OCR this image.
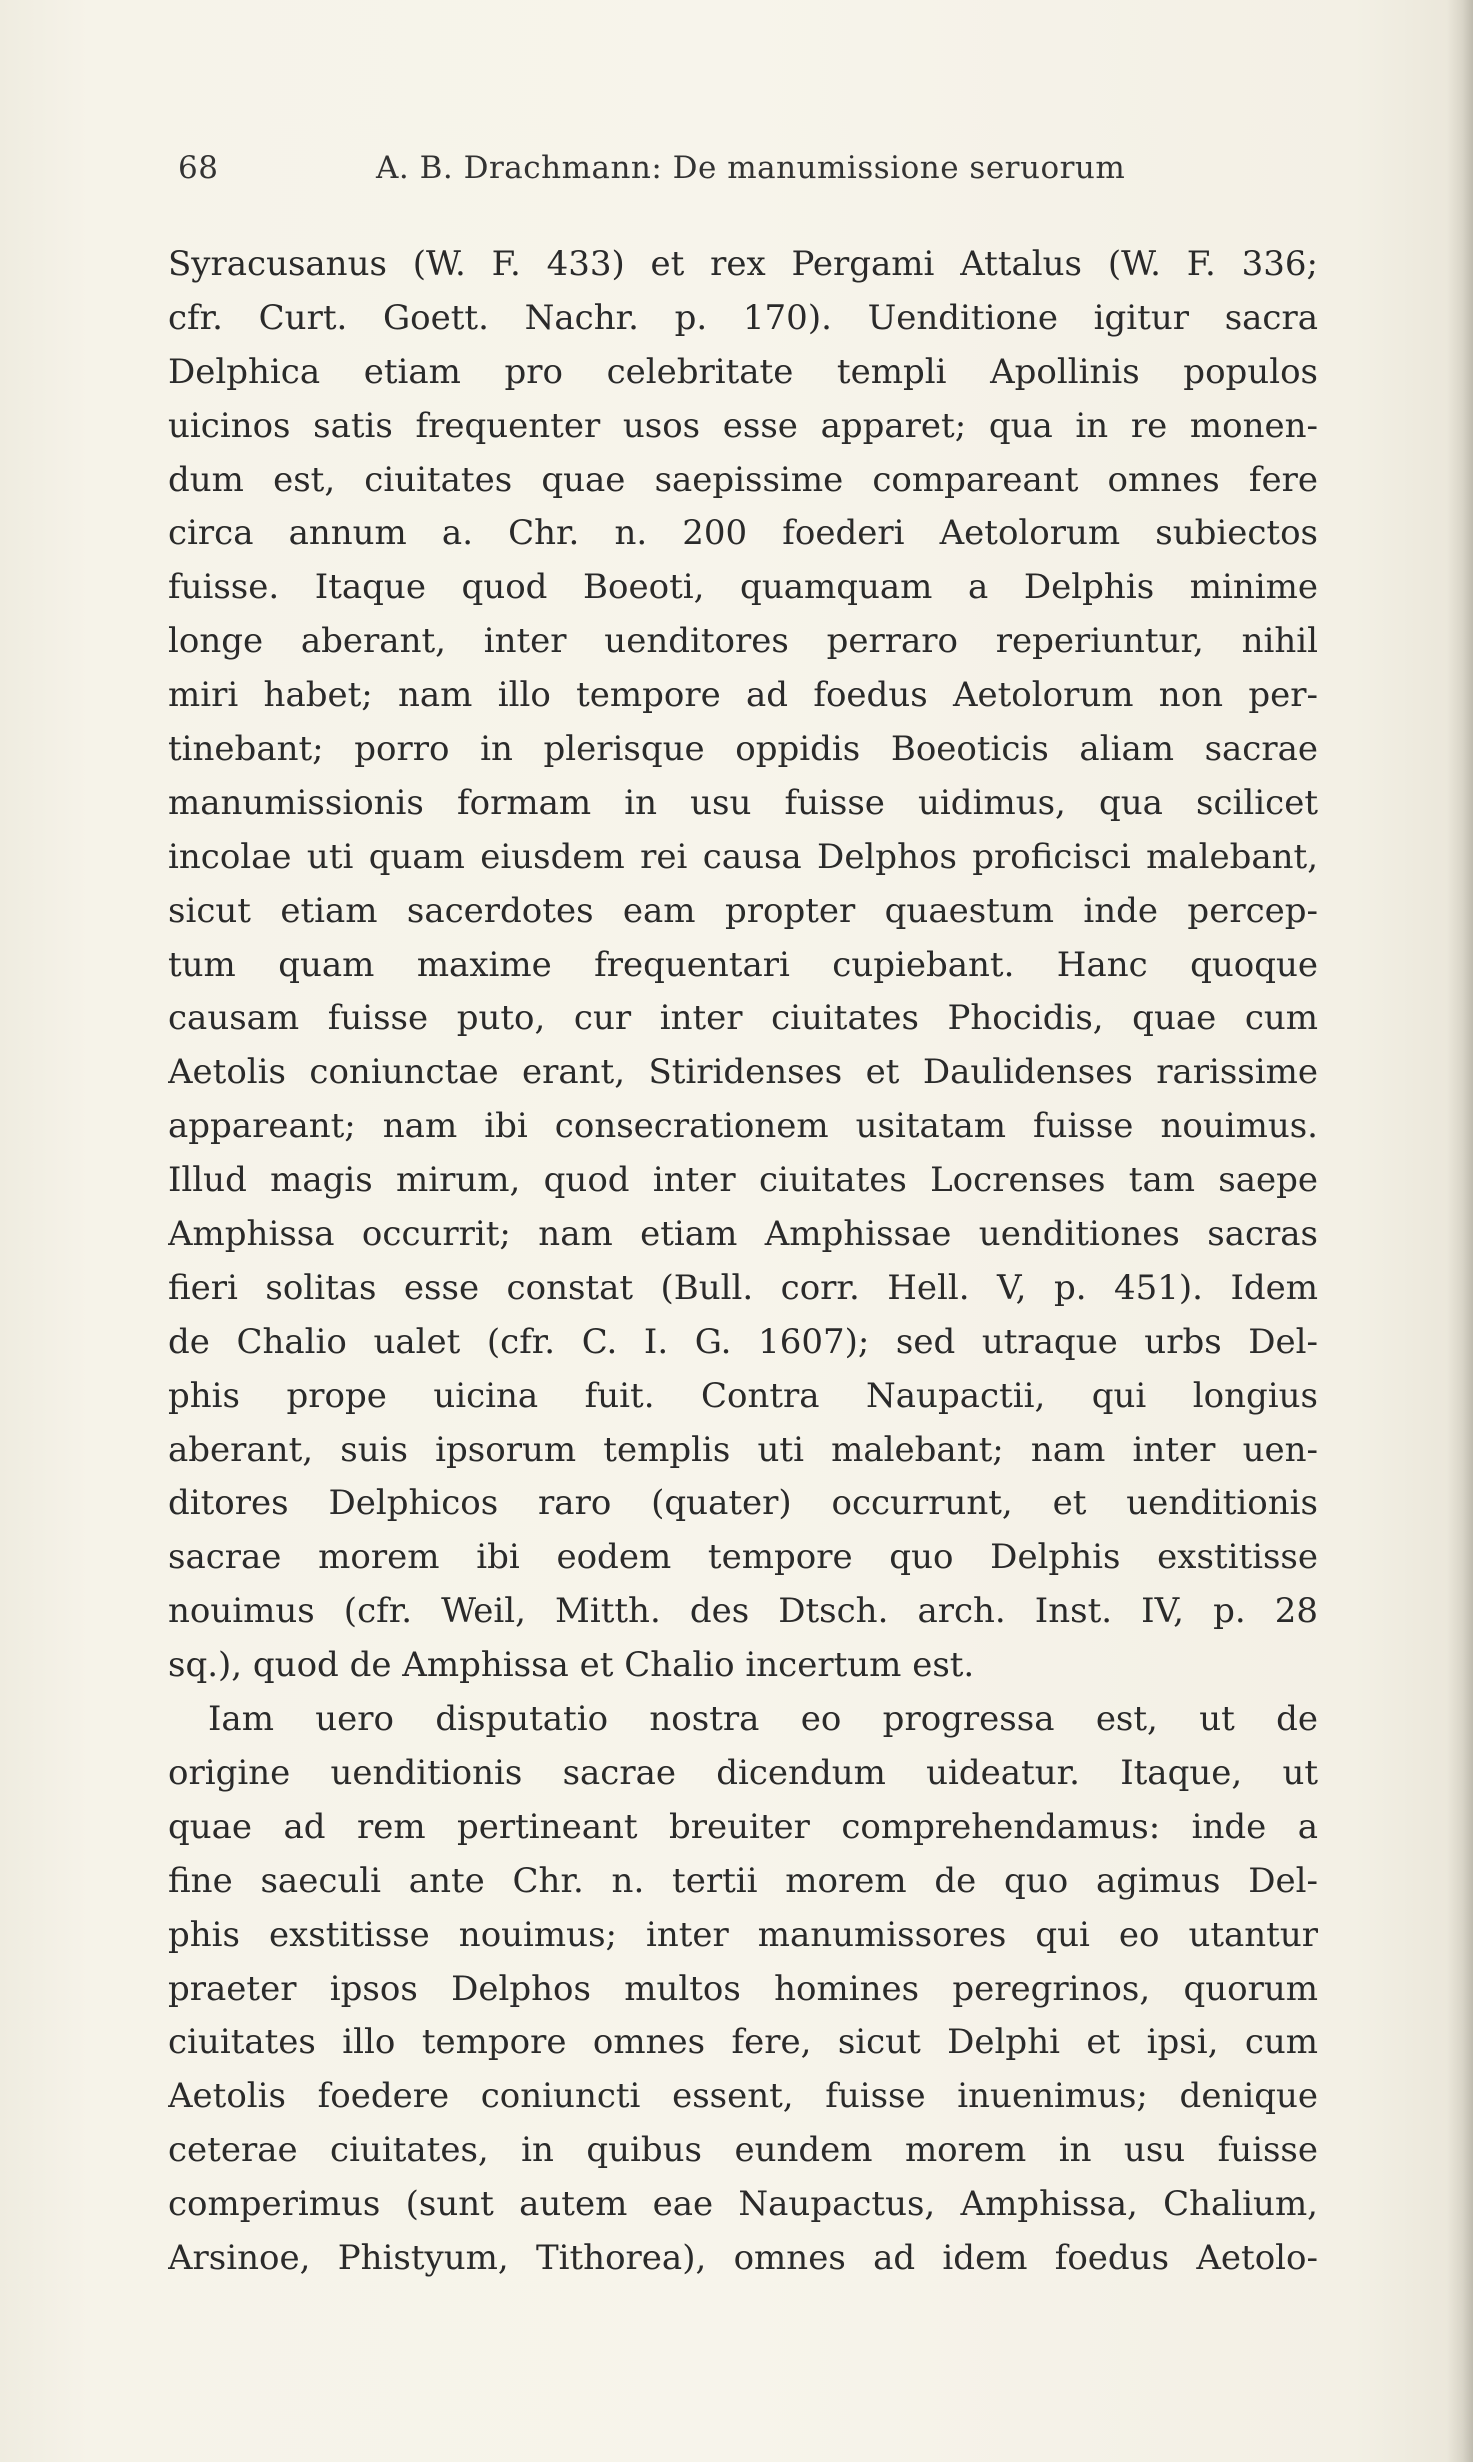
68	A. B. Drachmann: De manumissione seruorum
Syracusanus (W. F. 433) et rex Pergami Attalus (W. F. 336;
cfr. Curt. Goett. Nachr. p. 170). Uenditione igitur sacra
Delphica etiam pro celebritate templi Apollinis populos
uicinos satis frequenter usos esse apparet; qua in re monen-
dum est, ciuitates quae saepissime compareant omnes fere
circa annum a. Chr. n. 200 foederi Aetolorum subiectos
fuisse. Itaque quod Boeoti, quamquam a Delphis minime
longe aberant, inter uenditores perraro reperiuntur, nihil
miri habet; nam illo tempore ad foedus Aetolorum non per-
tinebant; porro in plerisque oppidis Boeoticis aliam sacrae
manumissionis formam in usu fuisse uidimus, qua scilicet
incolae uti quam eiusdem rei causa Delphos proficisci malebant,
sicut etiam sacerdotes eam propter quaestum inde percep-
tum quam maxime frequentari cupiebant. Hanc quoque
causam fuisse puto, cur inter ciuitates Phocidis, quae cum
Aetolis coniunctae erant, Stiridenses et Daulidenses rarissime
appareant; nam ibi consecrationem usitatam fuisse nouimus.
Illud magis mirum, quod inter ciuitates Locrenses tam saepe
Amphissa occurrit; nam etiam Amphissae uenditiones sacras
fieri solitas esse constat (Bull. corr. Hell. V, p. 451). Idem
de Chalio ualet (cfr. C. I. G. 1607); sed utraque urbs Del-
phis prope uicina fuit. Contra Naupactii, qui longius
aberant, suis ipsorum templis uti malebant; nam inter uen-
ditores Delphicos raro (quater) occurrunt, et uenditionis
sacrae morem ibi eodem tempore quo Delphis exstitisse
nouimus (cfr. Weil, Mitth. des Dtsch. arch. Inst. IV, p. 28
sq.), quod de Amphissa et Chalio incertum est.
Iam uero disputatio nostra eo progressa est, ut de
origine uenditionis sacrae dicendum uideatur. Itaque, ut
quae ad rem pertineant breuiter comprehendamus: inde a
fine saeculi ante Chr. n. tertii morem de quo agimus Del-
phis exstitisse nouimus; inter manumissores qui eo utantur
praeter ipsos Delphos multos homines peregrinos, quorum
ciuitates illo tempore omnes fere, sicut Delphi et ipsi, cum
Aetolis foedere coniuncti essent, fuisse inuenimus; denique
ceterae ciuitates, in quibus eundem morem in usu fuisse
comperimus (sunt autem eae Naupactus, Amphissa, Chalium,
Arsinoe, Phistyum, Tithorea), omnes ad idem foedus Aetolo-
